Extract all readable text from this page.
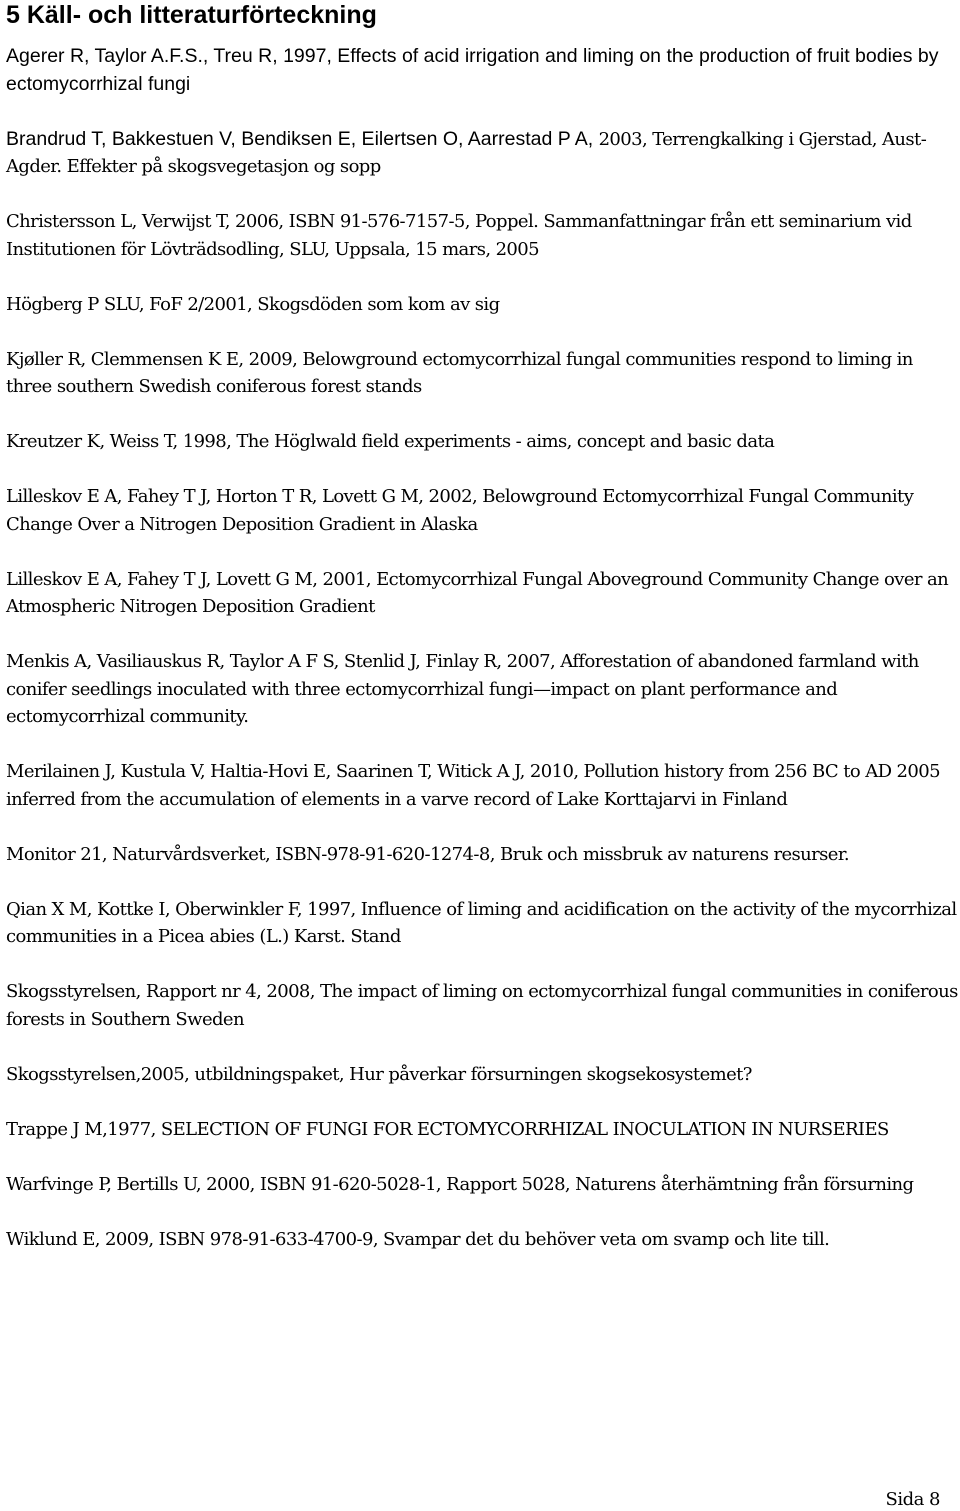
5 Käll- och litteraturförteckning
Agerer R, Taylor A.F.S., Treu R, 1997, Effects of acid irrigation and liming on the production of fruit bodies by ectomycorrhizal fungi
Brandrud T, Bakkestuen V, Bendiksen E, Eilertsen O, Aarrestad P A, 2003, Terrengkalking i Gjerstad, Aust-Agder. Effekter på skogsvegetasjon og sopp
Christersson L, Verwijst T, 2006, ISBN 91-576-7157-5, Poppel. Sammanfattningar från ett seminarium vid Institutionen för Lövträdsodling, SLU, Uppsala, 15 mars, 2005
Högberg P SLU, FoF 2/2001, Skogsdöden som kom av sig
Kjøller R, Clemmensen K E, 2009, Belowground ectomycorrhizal fungal communities respond to liming in three southern Swedish coniferous forest stands
Kreutzer K, Weiss T, 1998, The Höglwald field experiments - aims, concept and basic data
Lilleskov E A, Fahey T J, Horton T R, Lovett G M, 2002, Belowground Ectomycorrhizal Fungal Community Change Over a Nitrogen Deposition Gradient in Alaska
Lilleskov E A, Fahey T J, Lovett G M, 2001, Ectomycorrhizal Fungal Aboveground Community Change over an Atmospheric Nitrogen Deposition Gradient
Menkis A, Vasiliauskus R, Taylor A F S, Stenlid J, Finlay R, 2007, Afforestation of abandoned farmland with conifer seedlings inoculated with three ectomycorrhizal fungi—impact on plant performance and ectomycorrhizal community.
Merilainen J, Kustula V, Haltia-Hovi E, Saarinen T, Witick A J, 2010, Pollution history from 256 BC to AD 2005 inferred from the accumulation of elements in a varve record of Lake Korttajarvi in Finland
Monitor 21, Naturvårdsverket, ISBN-978-91-620-1274-8, Bruk och missbruk av naturens resurser.
Qian X M, Kottke I, Oberwinkler F, 1997, Influence of liming and acidification on the activity of the mycorrhizal communities in a Picea abies (L.) Karst. Stand
Skogsstyrelsen, Rapport nr 4, 2008, The impact of liming on ectomycorrhizal fungal communities in coniferous forests in Southern Sweden
Skogsstyrelsen,2005, utbildningspaket, Hur påverkar försurningen skogsekosystemet?
Trappe J M,1977, SELECTION OF FUNGI FOR ECTOMYCORRHIZAL INOCULATION IN NURSERIES
Warfvinge P, Bertills U, 2000, ISBN 91-620-5028-1, Rapport 5028, Naturens återhämtning från försurning
Wiklund E, 2009, ISBN 978-91-633-4700-9, Svampar det du behöver veta om svamp och lite till.
Sida 8
